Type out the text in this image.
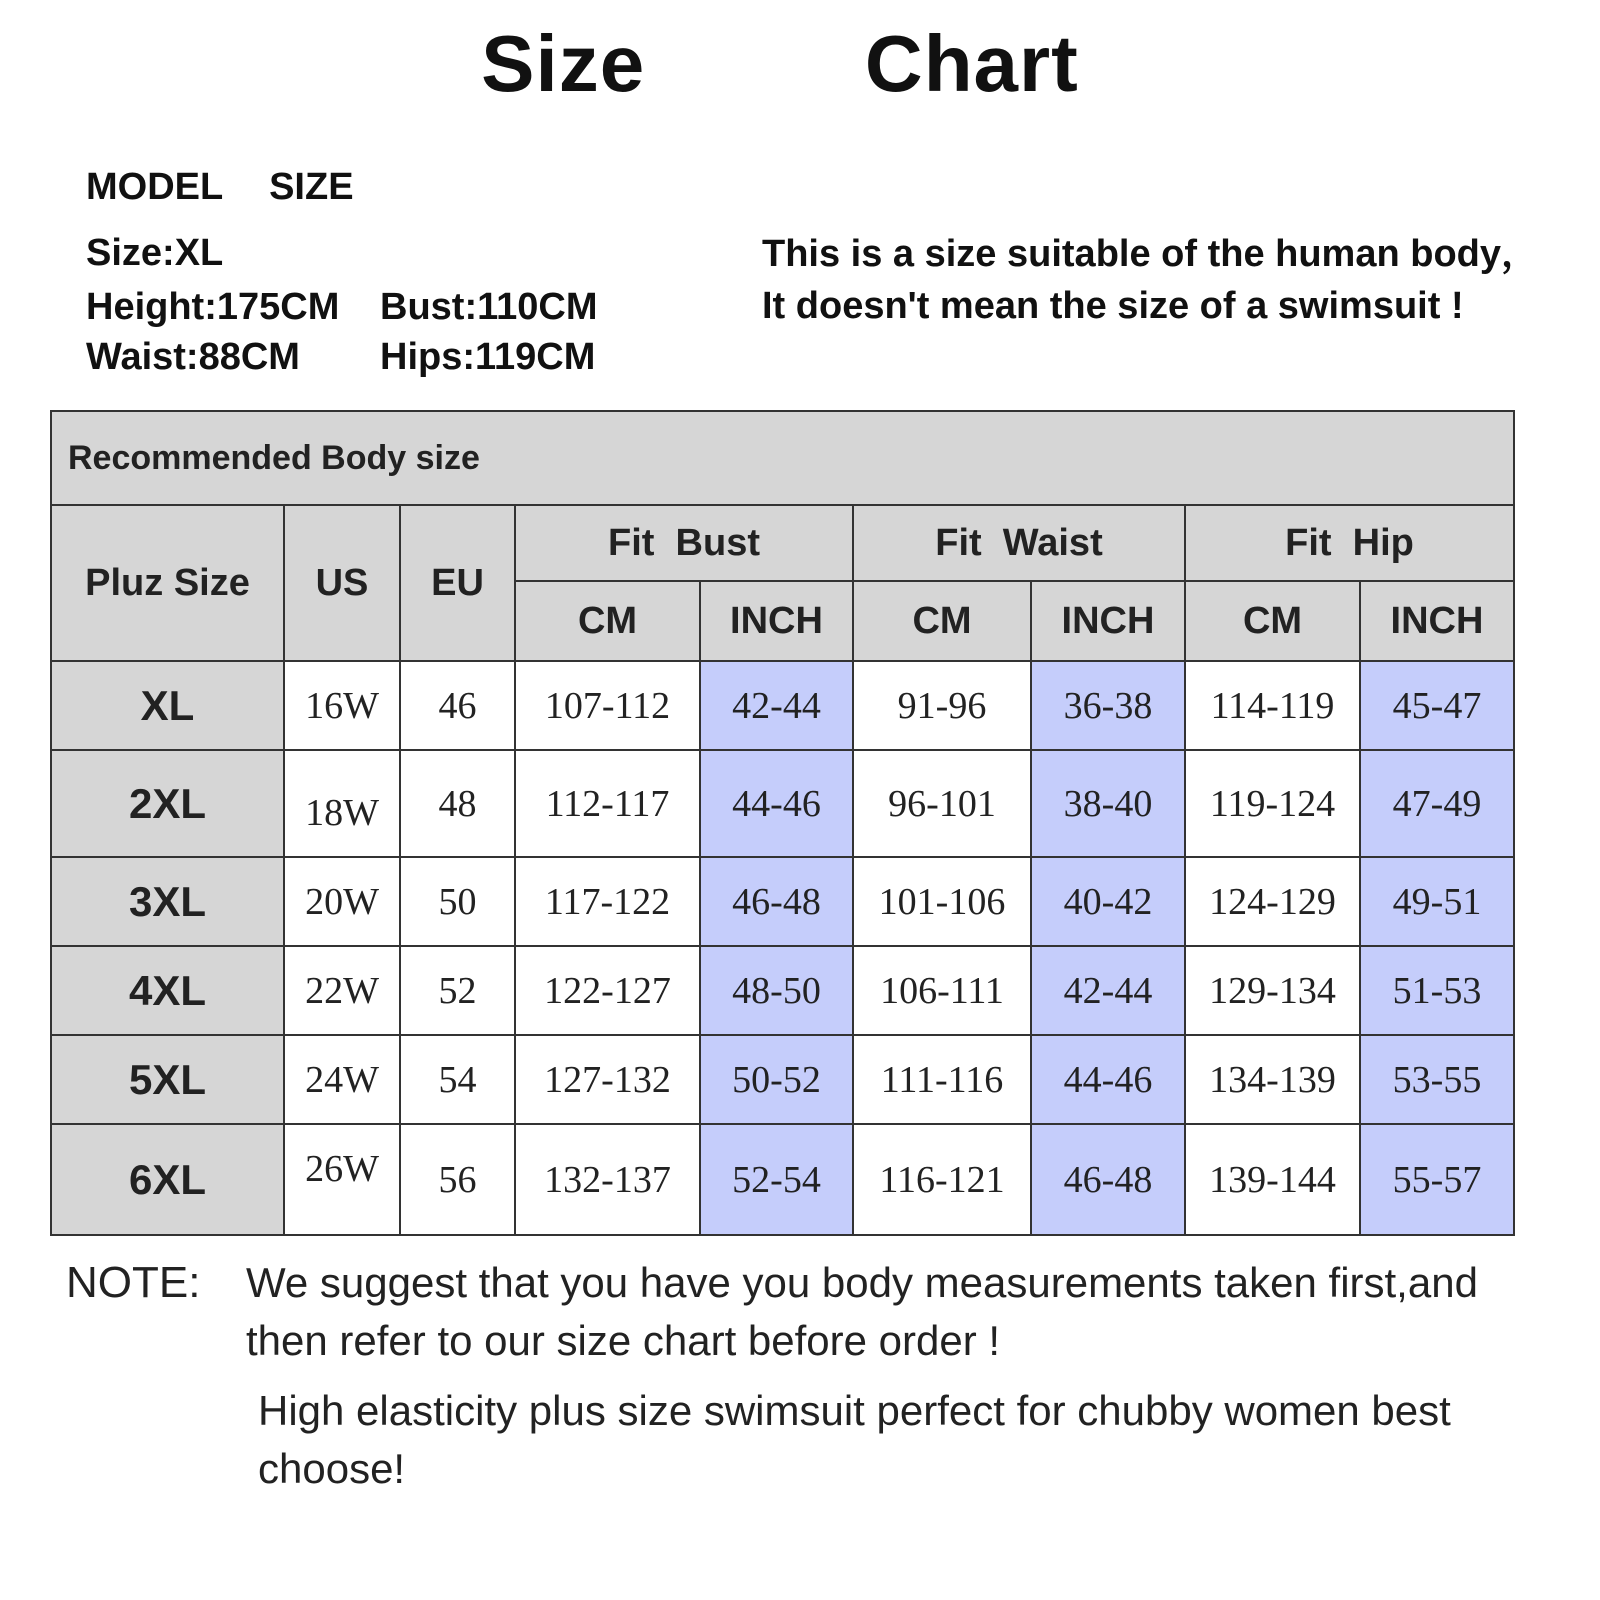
Size   Chart
MODEL SIZE
Size:XL
Height:175CM Bust:110CM
Waist:88CM Hips:119CM
This is a size suitable of the human body，It doesn't mean the size of a swimsuit !
Recommended Body size								
Pluz Size	US	EU	Fit  Bust		Fit  Waist		Fit  Hip	
			CM	INCH	CM	INCH	CM	INCH
XL	16W	46	107-112	42-44	91-96	36-38	114-119	45-47
2XL	18W	48	112-117	44-46	96-101	38-40	119-124	47-49
3XL	20W	50	117-122	46-48	101-106	40-42	124-129	49-51
4XL	22W	52	122-127	48-50	106-111	42-44	129-134	51-53
5XL	24W	54	127-132	50-52	111-116	44-46	134-139	53-55
6XL	26W	56	132-137	52-54	116-121	46-48	139-144	55-57
NOTE: We suggest that you have you body measurements taken first,and then refer to our size chart before order !
High elasticity plus size swimsuit perfect for chubby women best choose!
